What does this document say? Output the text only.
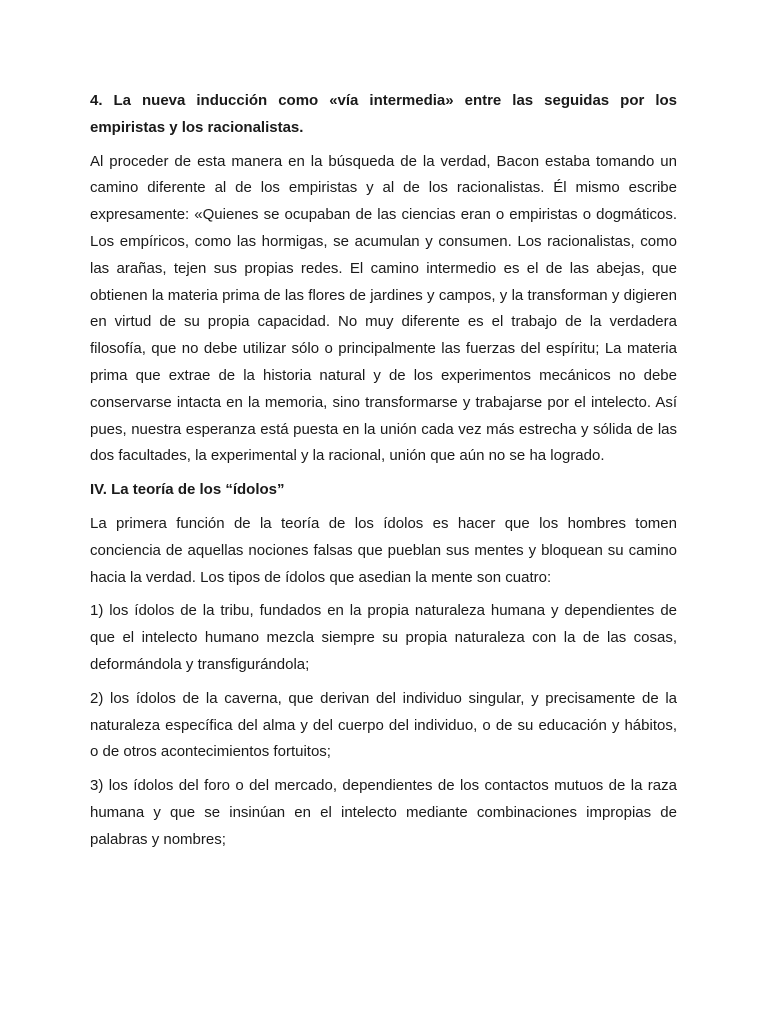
4. La nueva inducción como «vía intermedia» entre las seguidas por los empiristas y los racionalistas.

Al proceder de esta manera en la búsqueda de la verdad, Bacon estaba tomando un camino diferente al de los empiristas y al de los racionalistas. Él mismo escribe expresamente: «Quienes se ocupaban de las ciencias eran o empiristas o dogmáticos. Los empíricos, como las hormigas, se acumulan y consumen. Los racionalistas, como las arañas, tejen sus propias redes. El camino intermedio es el de las abejas, que obtienen la materia prima de las flores de jardines y campos, y la transforman y digieren en virtud de su propia capacidad. No muy diferente es el trabajo de la verdadera filosofía, que no debe utilizar sólo o principalmente las fuerzas del espíritu; La materia prima que extrae de la historia natural y de los experimentos mecánicos no debe conservarse intacta en la memoria, sino transformarse y trabajarse por el intelecto. Así pues, nuestra esperanza está puesta en la unión cada vez más estrecha y sólida de las dos facultades, la experimental y la racional, unión que aún no se ha logrado.

IV. La teoría de los “ídolos”

La primera función de la teoría de los ídolos es hacer que los hombres tomen conciencia de aquellas nociones falsas que pueblan sus mentes y bloquean su camino hacia la verdad. Los tipos de ídolos que asedian la mente son cuatro:

1) los ídolos de la tribu, fundados en la propia naturaleza humana y dependientes de que el intelecto humano mezcla siempre su propia naturaleza con la de las cosas, deformándola y transfigurándola;

2) los ídolos de la caverna, que derivan del individuo singular, y precisamente de la naturaleza específica del alma y del cuerpo del individuo, o de su educación y hábitos, o de otros acontecimientos fortuitos;

3) los ídolos del foro o del mercado, dependientes de los contactos mutuos de la raza humana y que se insinúan en el intelecto mediante combinaciones impropias de palabras y nombres;
